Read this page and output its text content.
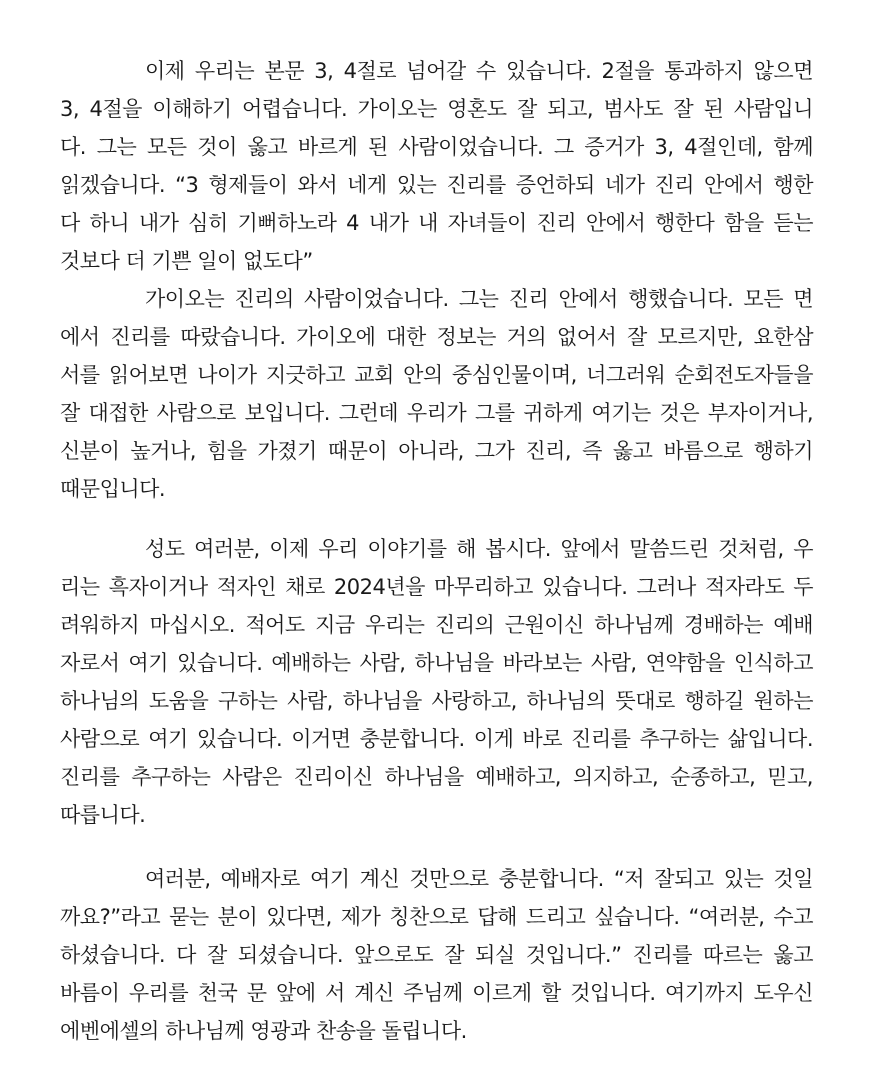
이제 우리는 본문 3, 4절로 넘어갈 수 있습니다. 2절을 통과하지 않으면
3, 4절을 이해하기 어렵습니다. 가이오는 영혼도 잘 되고, 범사도 잘 된 사람입니
다. 그는 모든 것이 옳고 바르게 된 사람이었습니다. 그 증거가 3, 4절인데, 함께
읽겠습니다. “3 형제들이 와서 네게 있는 진리를 증언하되 네가 진리 안에서 행한
다 하니 내가 심히 기뻐하노라 4 내가 내 자녀들이 진리 안에서 행한다 함을 듣는
것보다 더 기쁜 일이 없도다”
가이오는 진리의 사람이었습니다. 그는 진리 안에서 행했습니다. 모든 면
에서 진리를 따랐습니다. 가이오에 대한 정보는 거의 없어서 잘 모르지만, 요한삼
서를 읽어보면 나이가 지긋하고 교회 안의 중심인물이며, 너그러워 순회전도자들을
잘 대접한 사람으로 보입니다. 그런데 우리가 그를 귀하게 여기는 것은 부자이거나,
신분이 높거나, 힘을 가졌기 때문이 아니라, 그가 진리, 즉 옳고 바름으로 행하기
때문입니다.
성도 여러분, 이제 우리 이야기를 해 봅시다. 앞에서 말씀드린 것처럼, 우
리는 흑자이거나 적자인 채로 2024년을 마무리하고 있습니다. 그러나 적자라도 두
려워하지 마십시오. 적어도 지금 우리는 진리의 근원이신 하나님께 경배하는 예배
자로서 여기 있습니다. 예배하는 사람, 하나님을 바라보는 사람, 연약함을 인식하고
하나님의 도움을 구하는 사람, 하나님을 사랑하고, 하나님의 뜻대로 행하길 원하는
사람으로 여기 있습니다. 이거면 충분합니다. 이게 바로 진리를 추구하는 삶입니다.
진리를 추구하는 사람은 진리이신 하나님을 예배하고, 의지하고, 순종하고, 믿고,
따릅니다.
여러분, 예배자로 여기 계신 것만으로 충분합니다. “저 잘되고 있는 것일
까요?”라고 묻는 분이 있다면, 제가 칭찬으로 답해 드리고 싶습니다. “여러분, 수고
하셨습니다. 다 잘 되셨습니다. 앞으로도 잘 되실 것입니다.” 진리를 따르는 옳고
바름이 우리를 천국 문 앞에 서 계신 주님께 이르게 할 것입니다. 여기까지 도우신
에벤에셀의 하나님께 영광과 찬송을 돌립니다.
